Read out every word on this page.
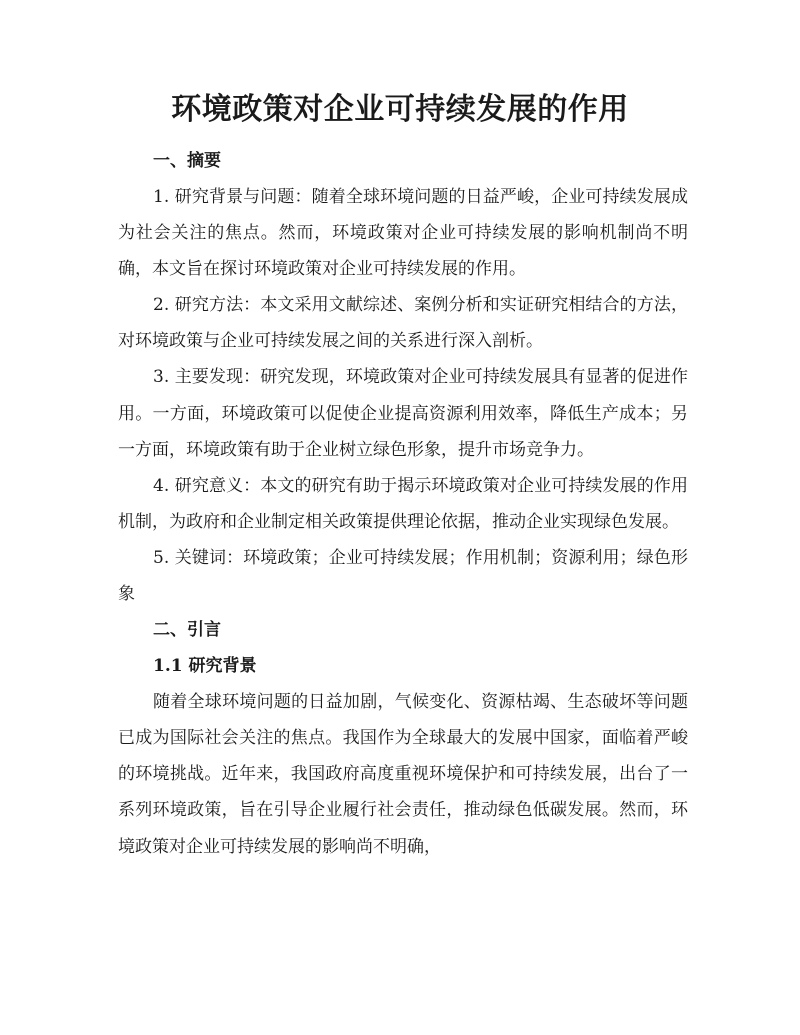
环境政策对企业可持续发展的作用
一、摘要

1. 研究背景与问题：随着全球环境问题的日益严峻，企业可持续发展成为社会关注的焦点。然而，环境政策对企业可持续发展的影响机制尚不明确，本文旨在探讨环境政策对企业可持续发展的作用。

2. 研究方法：本文采用文献综述、案例分析和实证研究相结合的方法，对环境政策与企业可持续发展之间的关系进行深入剖析。

3. 主要发现：研究发现，环境政策对企业可持续发展具有显著的促进作用。一方面，环境政策可以促使企业提高资源利用效率，降低生产成本；另一方面，环境政策有助于企业树立绿色形象，提升市场竞争力。

4. 研究意义：本文的研究有助于揭示环境政策对企业可持续发展的作用机制，为政府和企业制定相关政策提供理论依据，推动企业实现绿色发展。

5. 关键词：环境政策；企业可持续发展；作用机制；资源利用；绿色形象

二、引言
1.1 研究背景

随着全球环境问题的日益加剧，气候变化、资源枯竭、生态破坏等问题已成为国际社会关注的焦点。我国作为全球最大的发展中国家，面临着严峻的环境挑战。近年来，我国政府高度重视环境保护和可持续发展，出台了一系列环境政策，旨在引导企业履行社会责任，推动绿色低碳发展。然而，环境政策对企业可持续发展的影响尚不明确，
